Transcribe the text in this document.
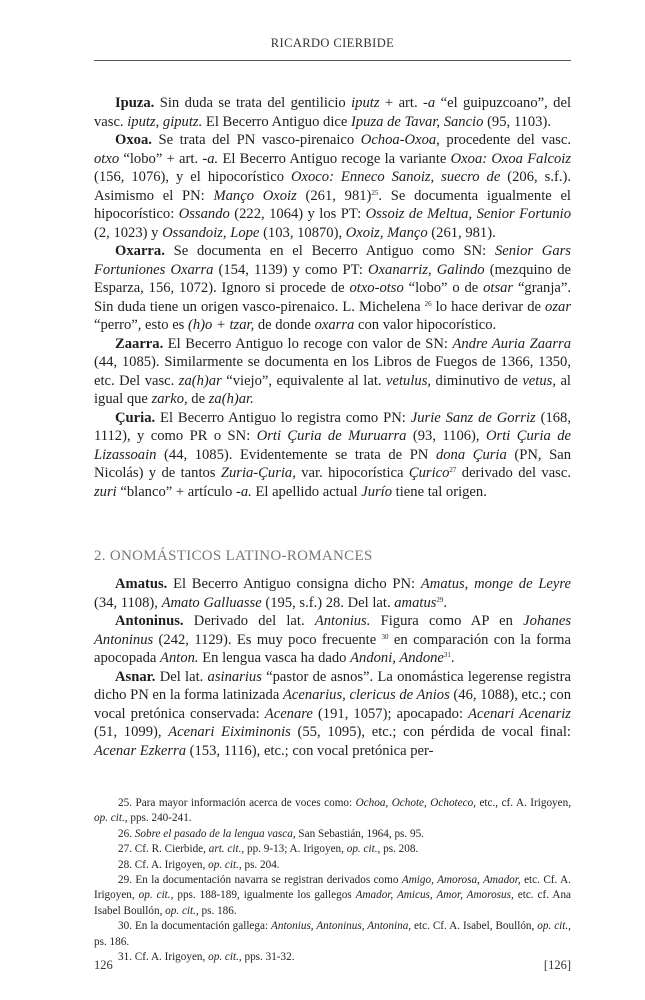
RICARDO CIERBIDE

Ipuza. Sin duda se trata del gentilicio iputz + art. -a “el guipuzcoano”, del vasc. iputz, giputz. El Becerro Antiguo dice Ipuza de Tavar, Sancio (95, 1103).

Oxoa. Se trata del PN vasco-pirenaico Ochoa-Oxoa, procedente del vasc. otxo “lobo” + art. -a. El Becerro Antiguo recoge la variante Oxoa: Oxoa Falcoiz (156, 1076), y el hipocorístico Oxoco: Enneco Sanoiz, suecro de (206, s.f.). Asimismo el PN: Manço Oxoiz (261, 981)$^{25}$. Se documenta igualmente el hipocorístico: Ossando (222, 1064) y los PT: Ossoiz de Meltua, Senior Fortunio (2, 1023) y Ossandoiz, Lope (103, 10870), Oxoiz, Manço (261, 981).

Oxarra. Se documenta en el Becerro Antiguo como SN: Senior Gars Fortuniones Oxarra (154, 1139) y como PT: Oxanarriz, Galindo (mezquino de Esparza, 156, 1072). Ignoro si procede de otxo-otso “lobo” o de otsar “granja”. Sin duda tiene un origen vasco-pirenaico. L. Michelena $^{26}$ lo hace derivar de ozar “perro”, esto es (h)o + tzar, de donde oxarra con valor hipocorístico.

Zaarra. El Becerro Antiguo lo recoge con valor de SN: Andre Auria Zaarra (44, 1085). Similarmente se documenta en los Libros de Fuegos de 1366, 1350, etc. Del vasc. za(h)ar “viejo”, equivalente al lat. vetulus, diminutivo de vetus, al igual que zarko, de za(h)ar.

Çuria. El Becerro Antiguo lo registra como PN: Jurie Sanz de Gorriz (168, 1112), y como PR o SN: Orti Çuria de Muruarra (93, 1106), Orti Çuria de Lizassoain (44, 1085). Evidentemente se trata de PN dona Çuria (PN, San Nicolás) y de tantos Zuria-Çuria, var. hipocorística Çurico$^{27}$ derivado del vasc. zuri “blanco” + artículo -a. El apellido actual Jurío tiene tal origen.

2. ONOMÁSTICOS LATINO-ROMANCES

Amatus. El Becerro Antiguo consigna dicho PN: Amatus, monge de Leyre (34, 1108), Amato Galluasse (195, s.f.) 28. Del lat. amatus$^{29}$.

Antoninus. Derivado del lat. Antonius. Figura como AP en Johanes Antoninus (242, 1129). Es muy poco frecuente $^{30}$ en comparación con la forma apocopada Anton. En lengua vasca ha dado Andoni, Andone$^{31}$.

Asnar. Del lat. asinarius “pastor de asnos”. La onomástica legerense registra dicho PN en la forma latinizada Acenarius, clericus de Anios (46, 1088), etc.; con vocal pretónica conservada: Acenare (191, 1057); apocapado: Acenari Acenariz (51, 1099), Acenari Eiximinonis (55, 1095), etc.; con pérdida de vocal final: Acenar Ezkerra (153, 1116), etc.; con vocal pretónica per-

25. Para mayor información acerca de voces como: Ochoa, Ochote, Ochoteco, etc., cf. A. Irigoyen, op. cit., pps. 240-241.

26. Sobre el pasado de la lengua vasca, San Sebastián, 1964, ps. 95.

27. Cf. R. Cierbide, art. cit., pp. 9-13; A. Irigoyen, op. cit., ps. 208.

28. Cf. A. Irigoyen, op. cit., ps. 204.

29. En la documentación navarra se registran derivados como Amigo, Amorosa, Amador, etc. Cf. A. Irigoyen, op. cit., pps. 188-189, igualmente los gallegos Amador, Amicus, Amor, Amorosus, etc. cf. Ana Isabel Boullón, op. cit., ps. 186.

30. En la documentación gallega: Antonius, Antoninus, Antonina, etc. Cf. A. Isabel, Boullón, op. cit., ps. 186.

31. Cf. A. Irigoyen, op. cit., pps. 31-32.

126	[126]
